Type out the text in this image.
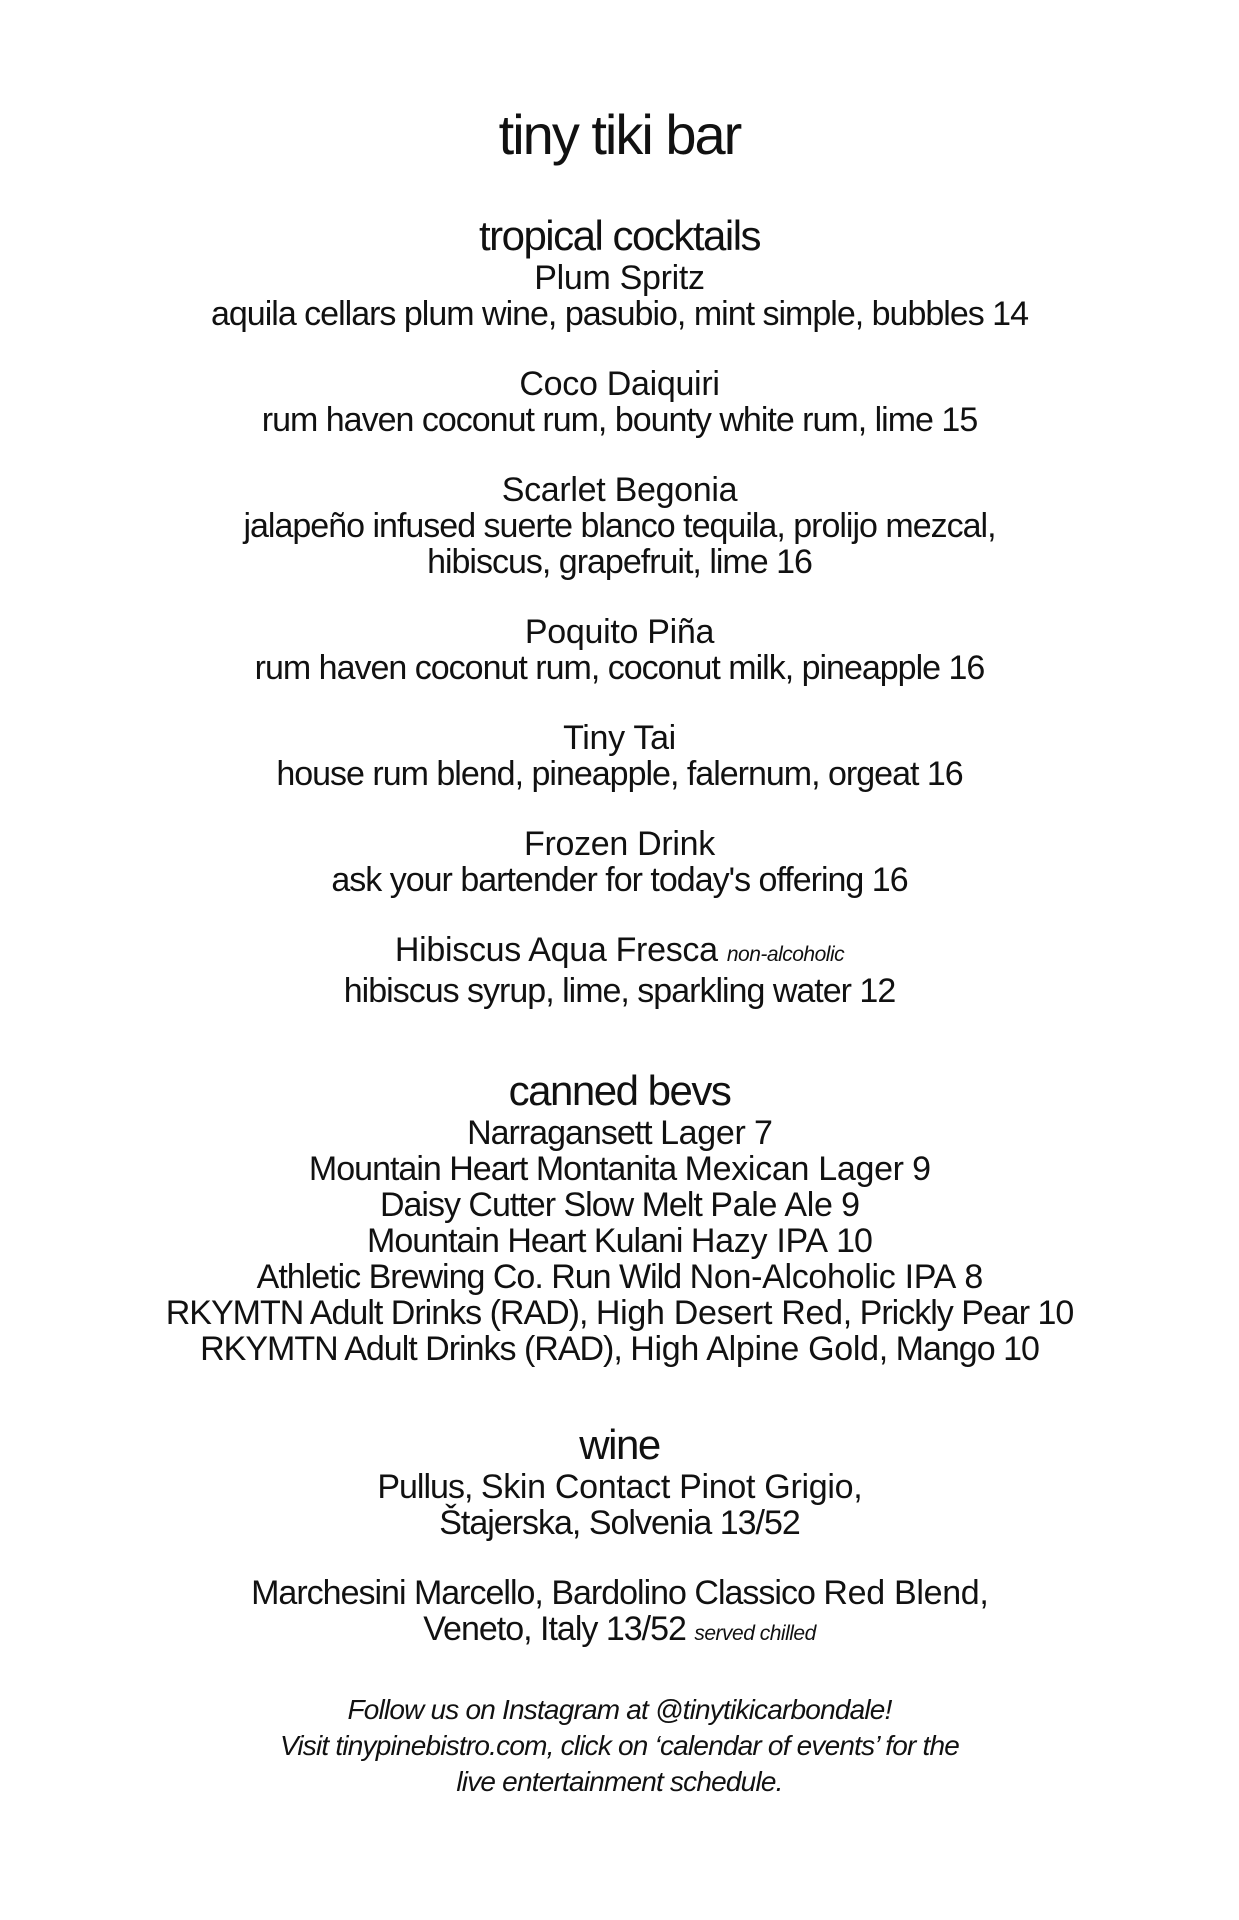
tiny tiki bar
tropical cocktails
Plum Spritz
aquila cellars plum wine, pasubio, mint simple, bubbles 14
Coco Daiquiri
rum haven coconut rum, bounty white rum, lime 15
Scarlet Begonia
jalapeño infused suerte blanco tequila, prolijo mezcal,
hibiscus, grapefruit, lime 16
Poquito Piña
rum haven coconut rum, coconut milk, pineapple 16
Tiny Tai
house rum blend, pineapple, falernum, orgeat 16
Frozen Drink
ask your bartender for today's offering 16
Hibiscus Aqua Fresca non-alcoholic
hibiscus syrup, lime, sparkling water 12
canned bevs
Narragansett Lager 7
Mountain Heart Montanita Mexican Lager 9
Daisy Cutter Slow Melt Pale Ale 9
Mountain Heart Kulani Hazy IPA 10
Athletic Brewing Co. Run Wild Non-Alcoholic IPA 8
RKYMTN Adult Drinks (RAD), High Desert Red, Prickly Pear 10
RKYMTN Adult Drinks (RAD), High Alpine Gold, Mango 10
wine
Pullus, Skin Contact Pinot Grigio,
Štajerska, Solvenia 13/52
Marchesini Marcello, Bardolino Classico Red Blend,
Veneto, Italy 13/52 served chilled
Follow us on Instagram at @tinytikicarbondale!
Visit tinypinebistro.com, click on ‘calendar of events’ for the
live entertainment schedule.
